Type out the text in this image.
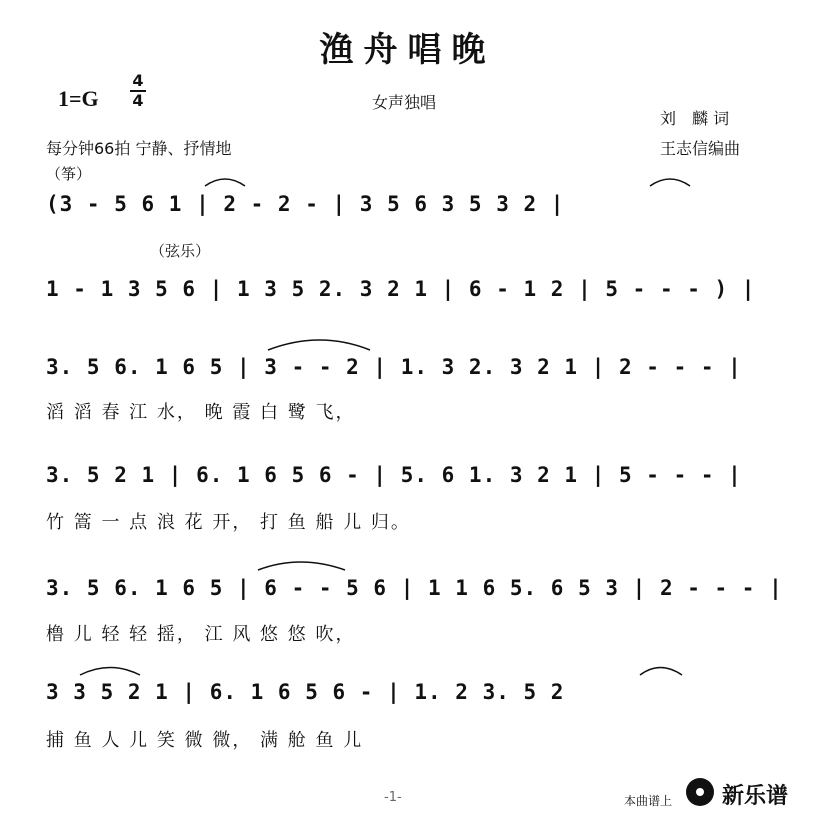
渔舟唱晚
1=G
4
4	女声独唱
刘　麟 词
王志信编曲
每分钟66拍 宁静、抒情地
（筝）
（弦乐）
(3 - 5 6 1 | 2 - 2 - | 3 5 6 3 5 3 2 |
1 - 1 3 5 6 | 1 3 5 2. 3 2 1 | 6 - 1 2 | 5 - - - ) |
3. 5 6. 1 6 5 | 3 - - 2 | 1. 3 2. 3 2 1 | 2 - - - |
滔 滔 春 江 水， 晚 霞 白 鹭 飞，
3. 5 2 1 | 6. 1 6 5 6 - | 5. 6 1. 3 2 1 | 5 - - - |
竹 篙 一 点 浪 花 开， 打 鱼 船 儿 归。
3. 5 6. 1 6 5 | 6 - - 5 6 | 1 1 6 5. 6 5 3 | 2 - - - |
橹 儿 轻 轻 摇， 江 风 悠 悠 吹，
3 3 5 2 1 | 6. 1 6 5 6 - | 1. 2 3. 5 2
捕 鱼 人 儿 笑 微 微， 满 舱 鱼 儿
-1-	本曲谱上 新乐谱
